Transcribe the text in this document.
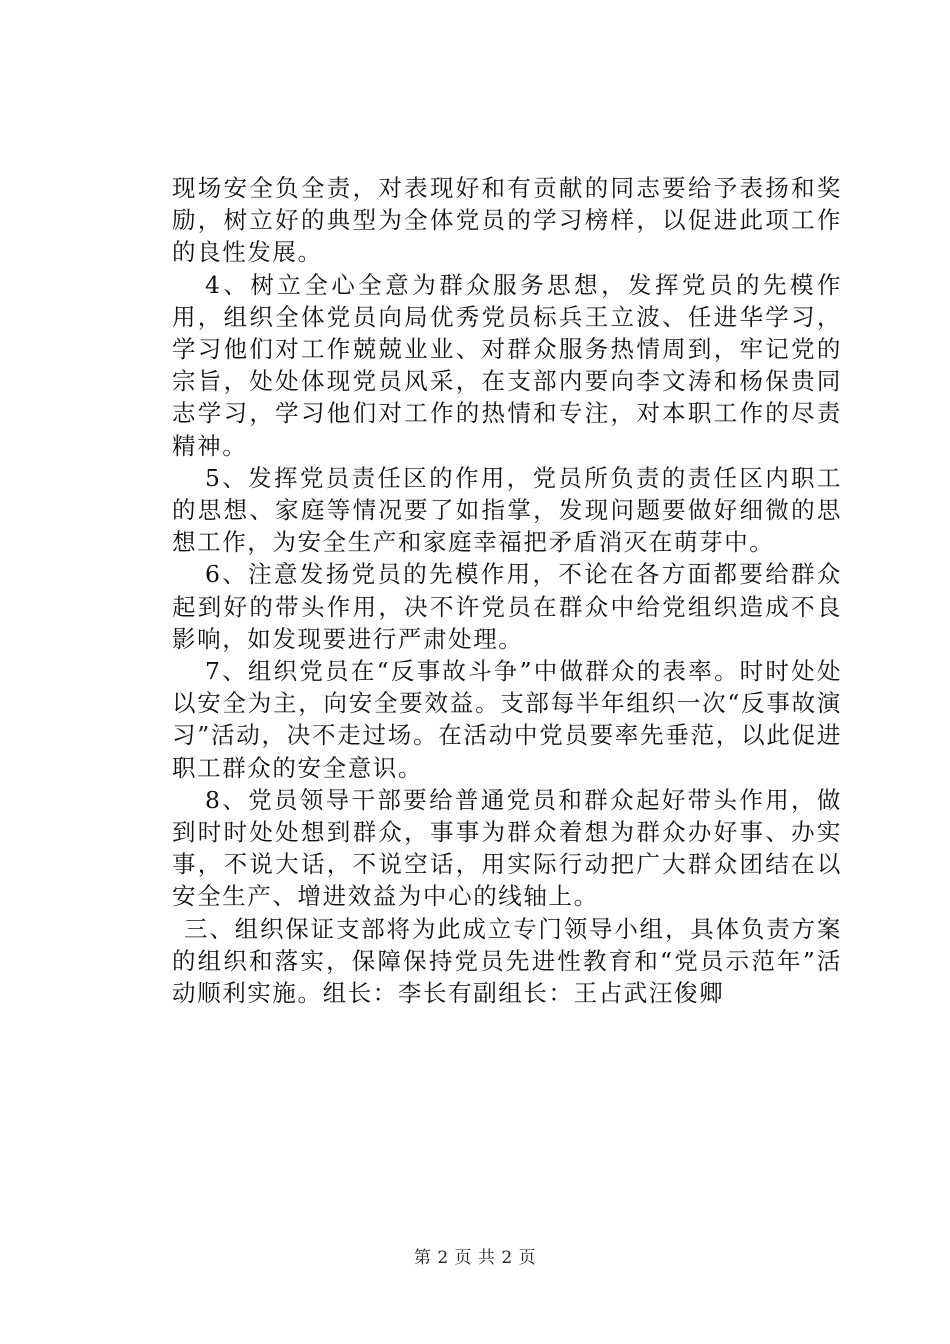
现场安全负全责，对表现好和有贡献的同志要给予表扬和奖励，树立好的典型为全体党员的学习榜样，以促进此项工作的良性发展。

4、树立全心全意为群众服务思想，发挥党员的先模作用，组织全体党员向局优秀党员标兵王立波、任进华学习，学习他们对工作兢兢业业、对群众服务热情周到，牢记党的宗旨，处处体现党员风采，在支部内要向李文涛和杨保贵同志学习，学习他们对工作的热情和专注，对本职工作的尽责精神。

5、发挥党员责任区的作用，党员所负责的责任区内职工的思想、家庭等情况要了如指掌，发现问题要做好细微的思想工作，为安全生产和家庭幸福把矛盾消灭在萌芽中。

6、注意发扬党员的先模作用，不论在各方面都要给群众起到好的带头作用，决不许党员在群众中给党组织造成不良影响，如发现要进行严肃处理。

7、组织党员在“反事故斗争”中做群众的表率。时时处处以安全为主，向安全要效益。支部每半年组织一次“反事故演习”活动，决不走过场。在活动中党员要率先垂范，以此促进职工群众的安全意识。

8、党员领导干部要给普通党员和群众起好带头作用，做到时时处处想到群众，事事为群众着想为群众办好事、办实事，不说大话，不说空话，用实际行动把广大群众团结在以安全生产、增进效益为中心的线轴上。

三、组织保证支部将为此成立专门领导小组，具体负责方案的组织和落实，保障保持党员先进性教育和“党员示范年”活动顺利实施。组长：李长有副组长：王占武汪俊卿

第 2 页 共 2 页
